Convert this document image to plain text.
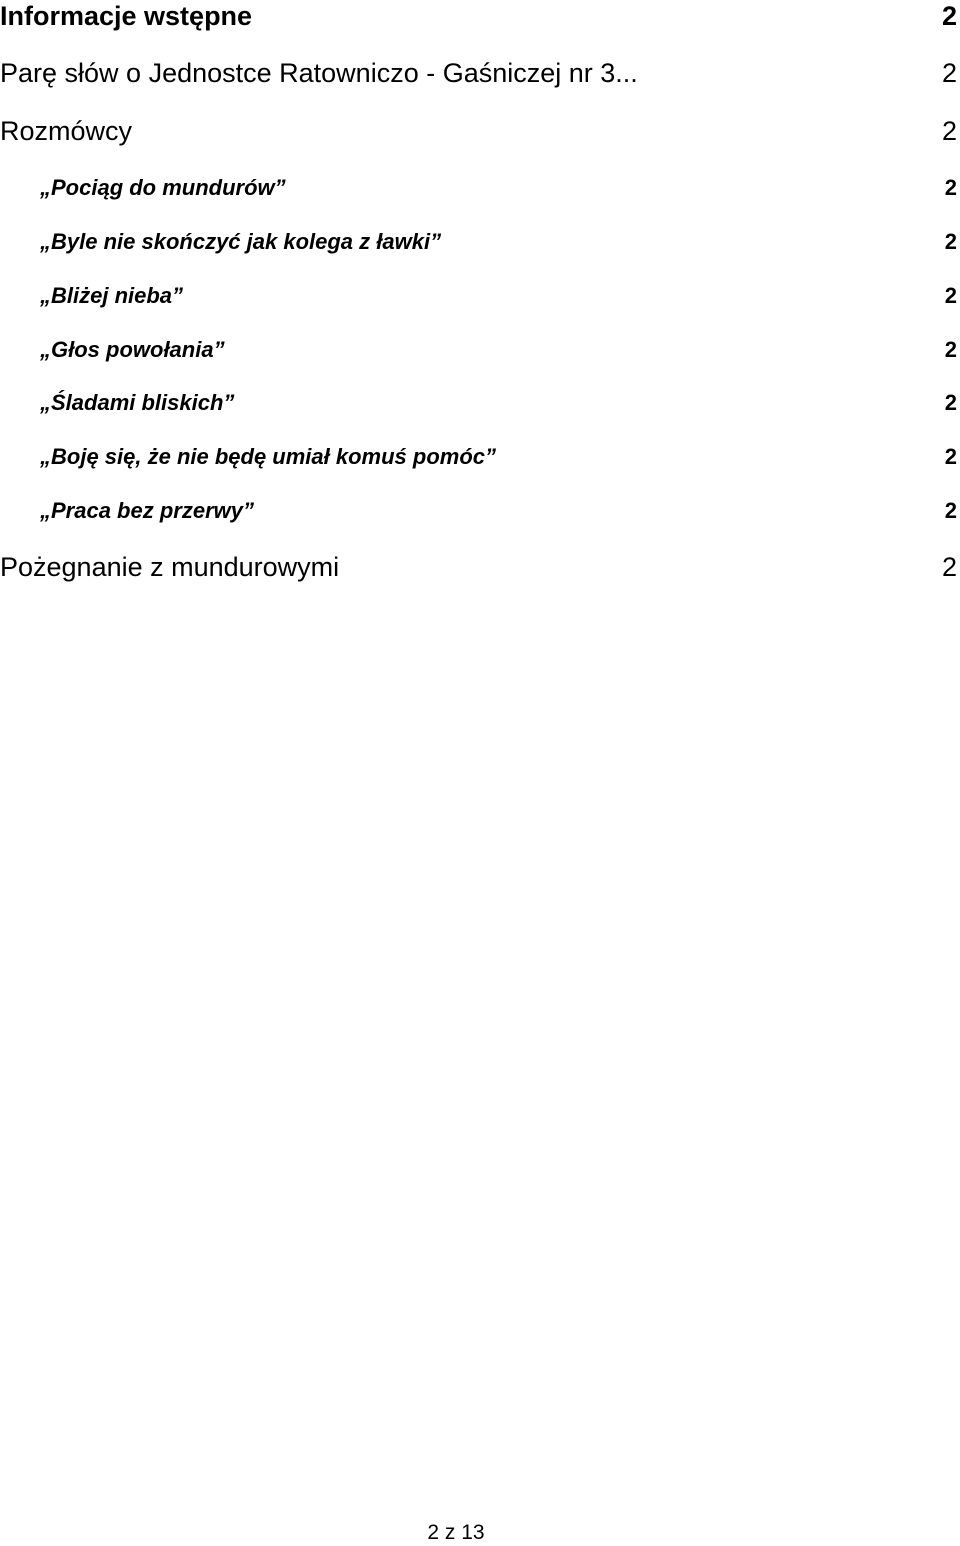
Informacje wstępne	2
Parę słów o Jednostce Ratowniczo - Gaśniczej nr 3...	2
Rozmówcy	2
„Pociąg do mundurów”	2
„Byle nie skończyć jak kolega z ławki”	2
„Bliżej nieba”	2
„Głos powołania”	2
„Śladami bliskich”	2
„Boję się, że nie będę umiał komuś pomóc”	2
„Praca bez przerwy”	2
Pożegnanie z mundurowymi	2
2 z 13
